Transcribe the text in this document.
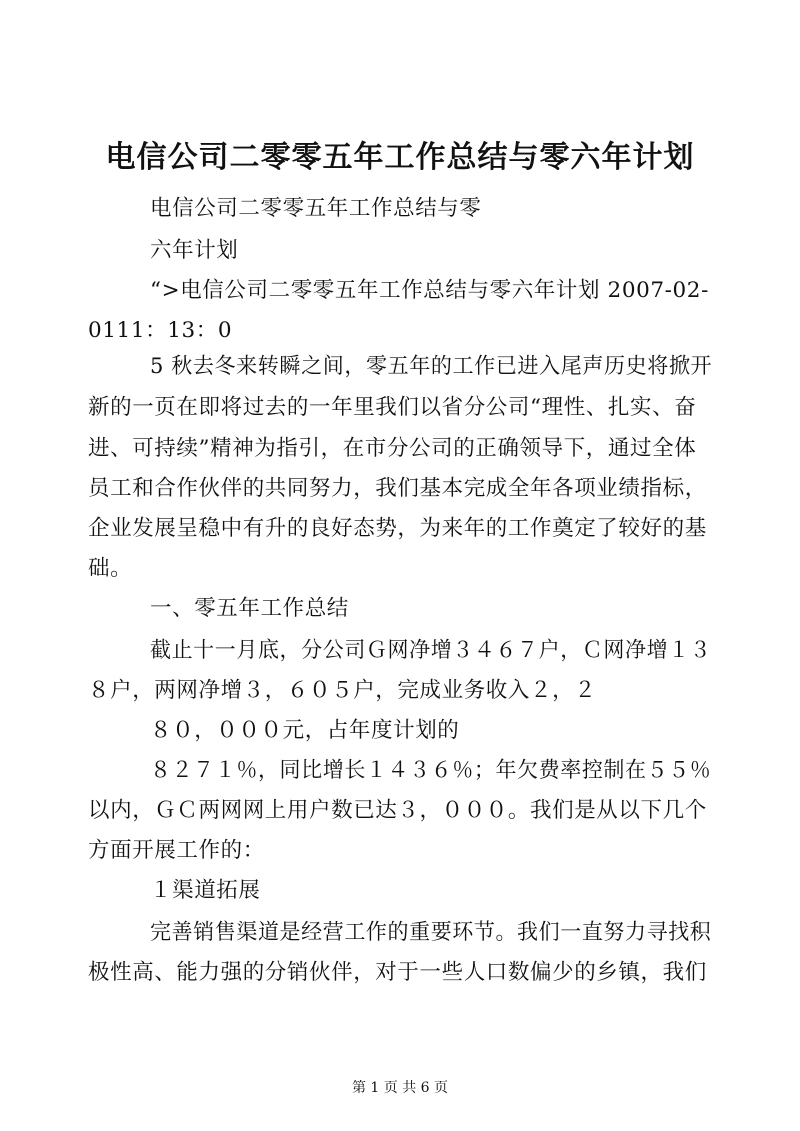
电信公司二零零五年工作总结与零六年计划
电信公司二零零五年工作总结与零
六年计划
“>电信公司二零零五年工作总结与零六年计划 2007-02-
0111：13：0
5 秋去冬来转瞬之间，零五年的工作已进入尾声历史将掀开
新的一页在即将过去的一年里我们以省分公司“理性、扎实、奋
进、可持续”精神为指引，在市分公司的正确领导下，通过全体
员工和合作伙伴的共同努力，我们基本完成全年各项业绩指标，
企业发展呈稳中有升的良好态势，为来年的工作奠定了较好的基
础。
一、零五年工作总结
截止十一月底，分公司Ｇ网净增３４６７户，Ｃ网净增１３
８户，两网净增３，６０５户，完成业务收入２，２
８０，０００元，占年度计划的
８２７１％，同比增长１４３６％；年欠费率控制在５５％
以内，ＧＣ两网网上用户数已达３，０００。我们是从以下几个
方面开展工作的：
１渠道拓展
完善销售渠道是经营工作的重要环节。我们一直努力寻找积
极性高、能力强的分销伙伴，对于一些人口数偏少的乡镇，我们
第 1 页 共 6 页
